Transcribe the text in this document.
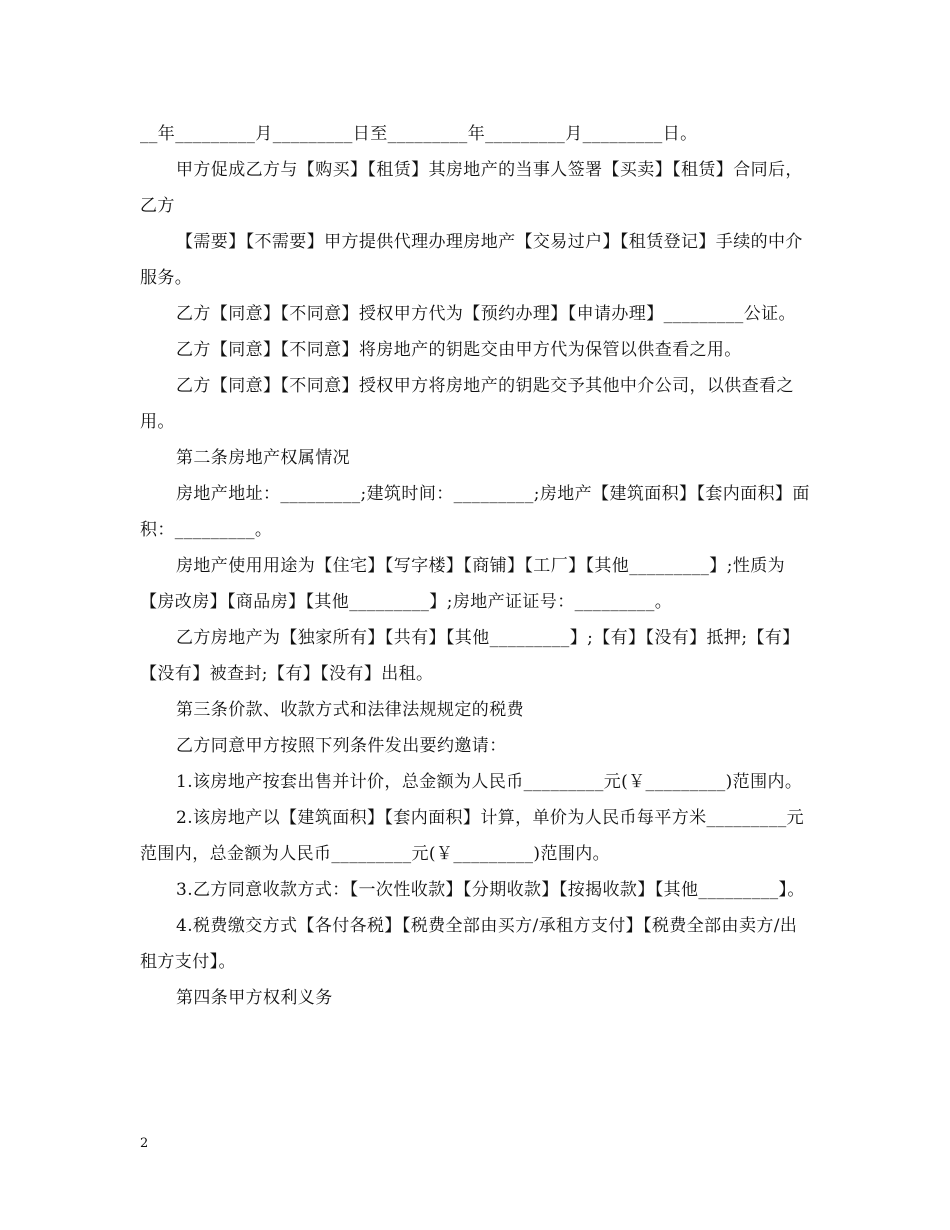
__年_________月_________日至_________年_________月_________日。

甲方促成乙方与【购买】【租赁】其房地产的当事人签署【买卖】【租赁】合同后，乙方

【需要】【不需要】甲方提供代理办理房地产【交易过户】【租赁登记】手续的中介服务。

乙方【同意】【不同意】授权甲方代为【预约办理】【申请办理】_________公证。

乙方【同意】【不同意】将房地产的钥匙交由甲方代为保管以供查看之用。

乙方【同意】【不同意】授权甲方将房地产的钥匙交予其他中介公司，以供查看之用。

第二条房地产权属情况

房地产地址：_________;建筑时间：_________;房地产【建筑面积】【套内面积】面积：_________。

房地产使用用途为【住宅】【写字楼】【商铺】【工厂】【其他_________】;性质为【房改房】【商品房】【其他_________】;房地产证证号：_________。

乙方房地产为【独家所有】【共有】【其他_________】;【有】【没有】抵押;【有】【没有】被查封;【有】【没有】出租。

第三条价款、收款方式和法律法规规定的税费

乙方同意甲方按照下列条件发出要约邀请：

1.该房地产按套出售并计价，总金额为人民币_________元(￥_________)范围内。

2.该房地产以【建筑面积】【套内面积】计算，单价为人民币每平方米_________元范围内，总金额为人民币_________元(￥_________)范围内。

3.乙方同意收款方式：【一次性收款】【分期收款】【按揭收款】【其他_________】。

4.税费缴交方式【各付各税】【税费全部由买方/承租方支付】【税费全部由卖方/出租方支付】。

第四条甲方权利义务

2
